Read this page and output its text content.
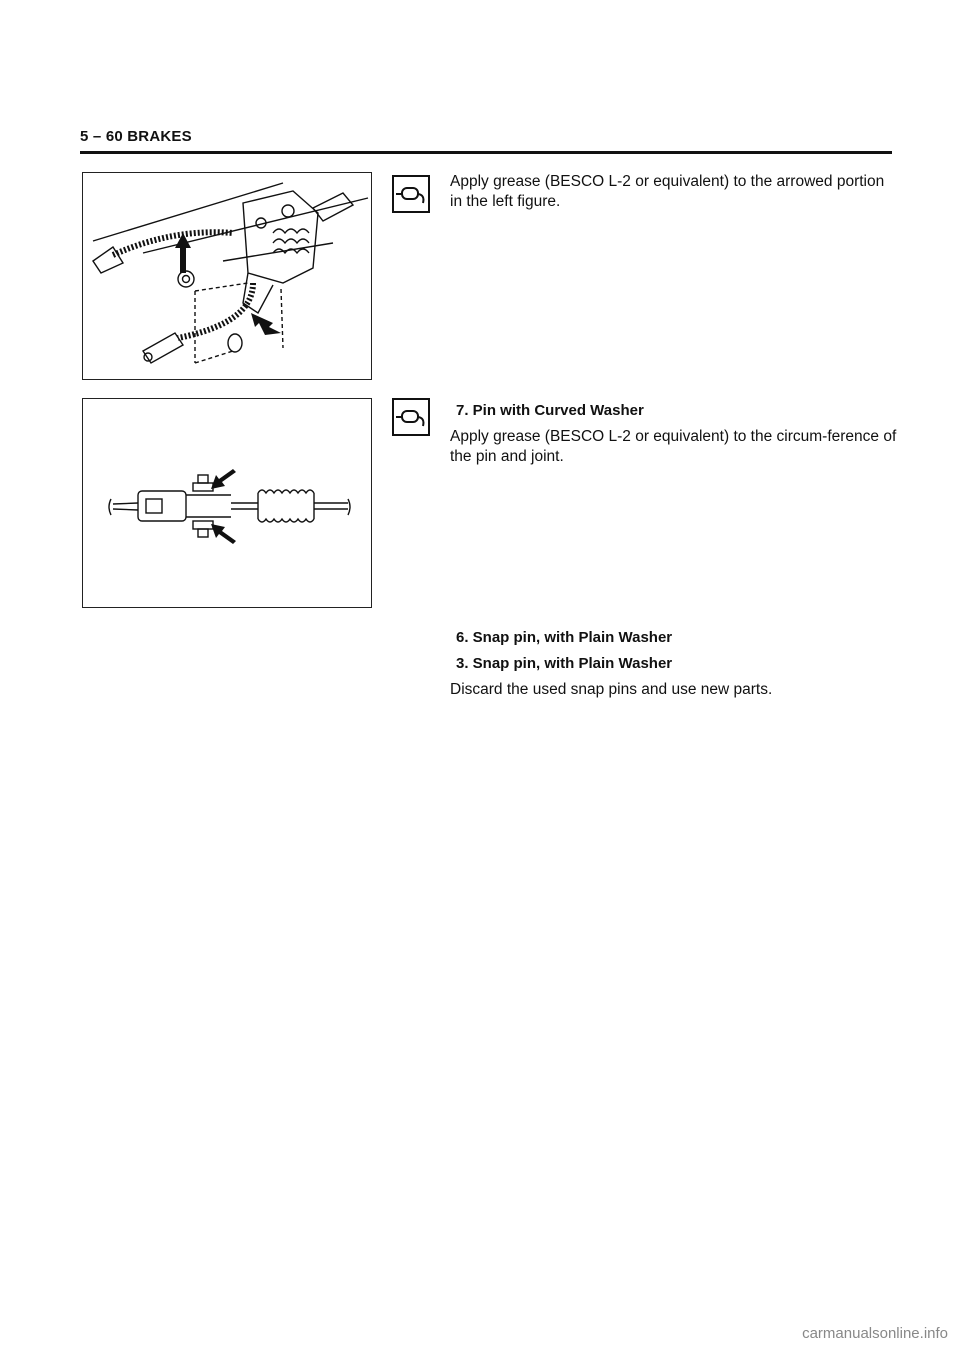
5 – 60 BRAKES
Apply grease (BESCO L-2 or equivalent) to the arrowed portion in the left figure.
7. Pin with Curved Washer
Apply grease (BESCO L-2 or equivalent) to the circum-ference of the pin and joint.
6. Snap pin, with Plain Washer
3. Snap pin, with Plain Washer
Discard the used snap pins and use new parts.
carmanualsonline.info
